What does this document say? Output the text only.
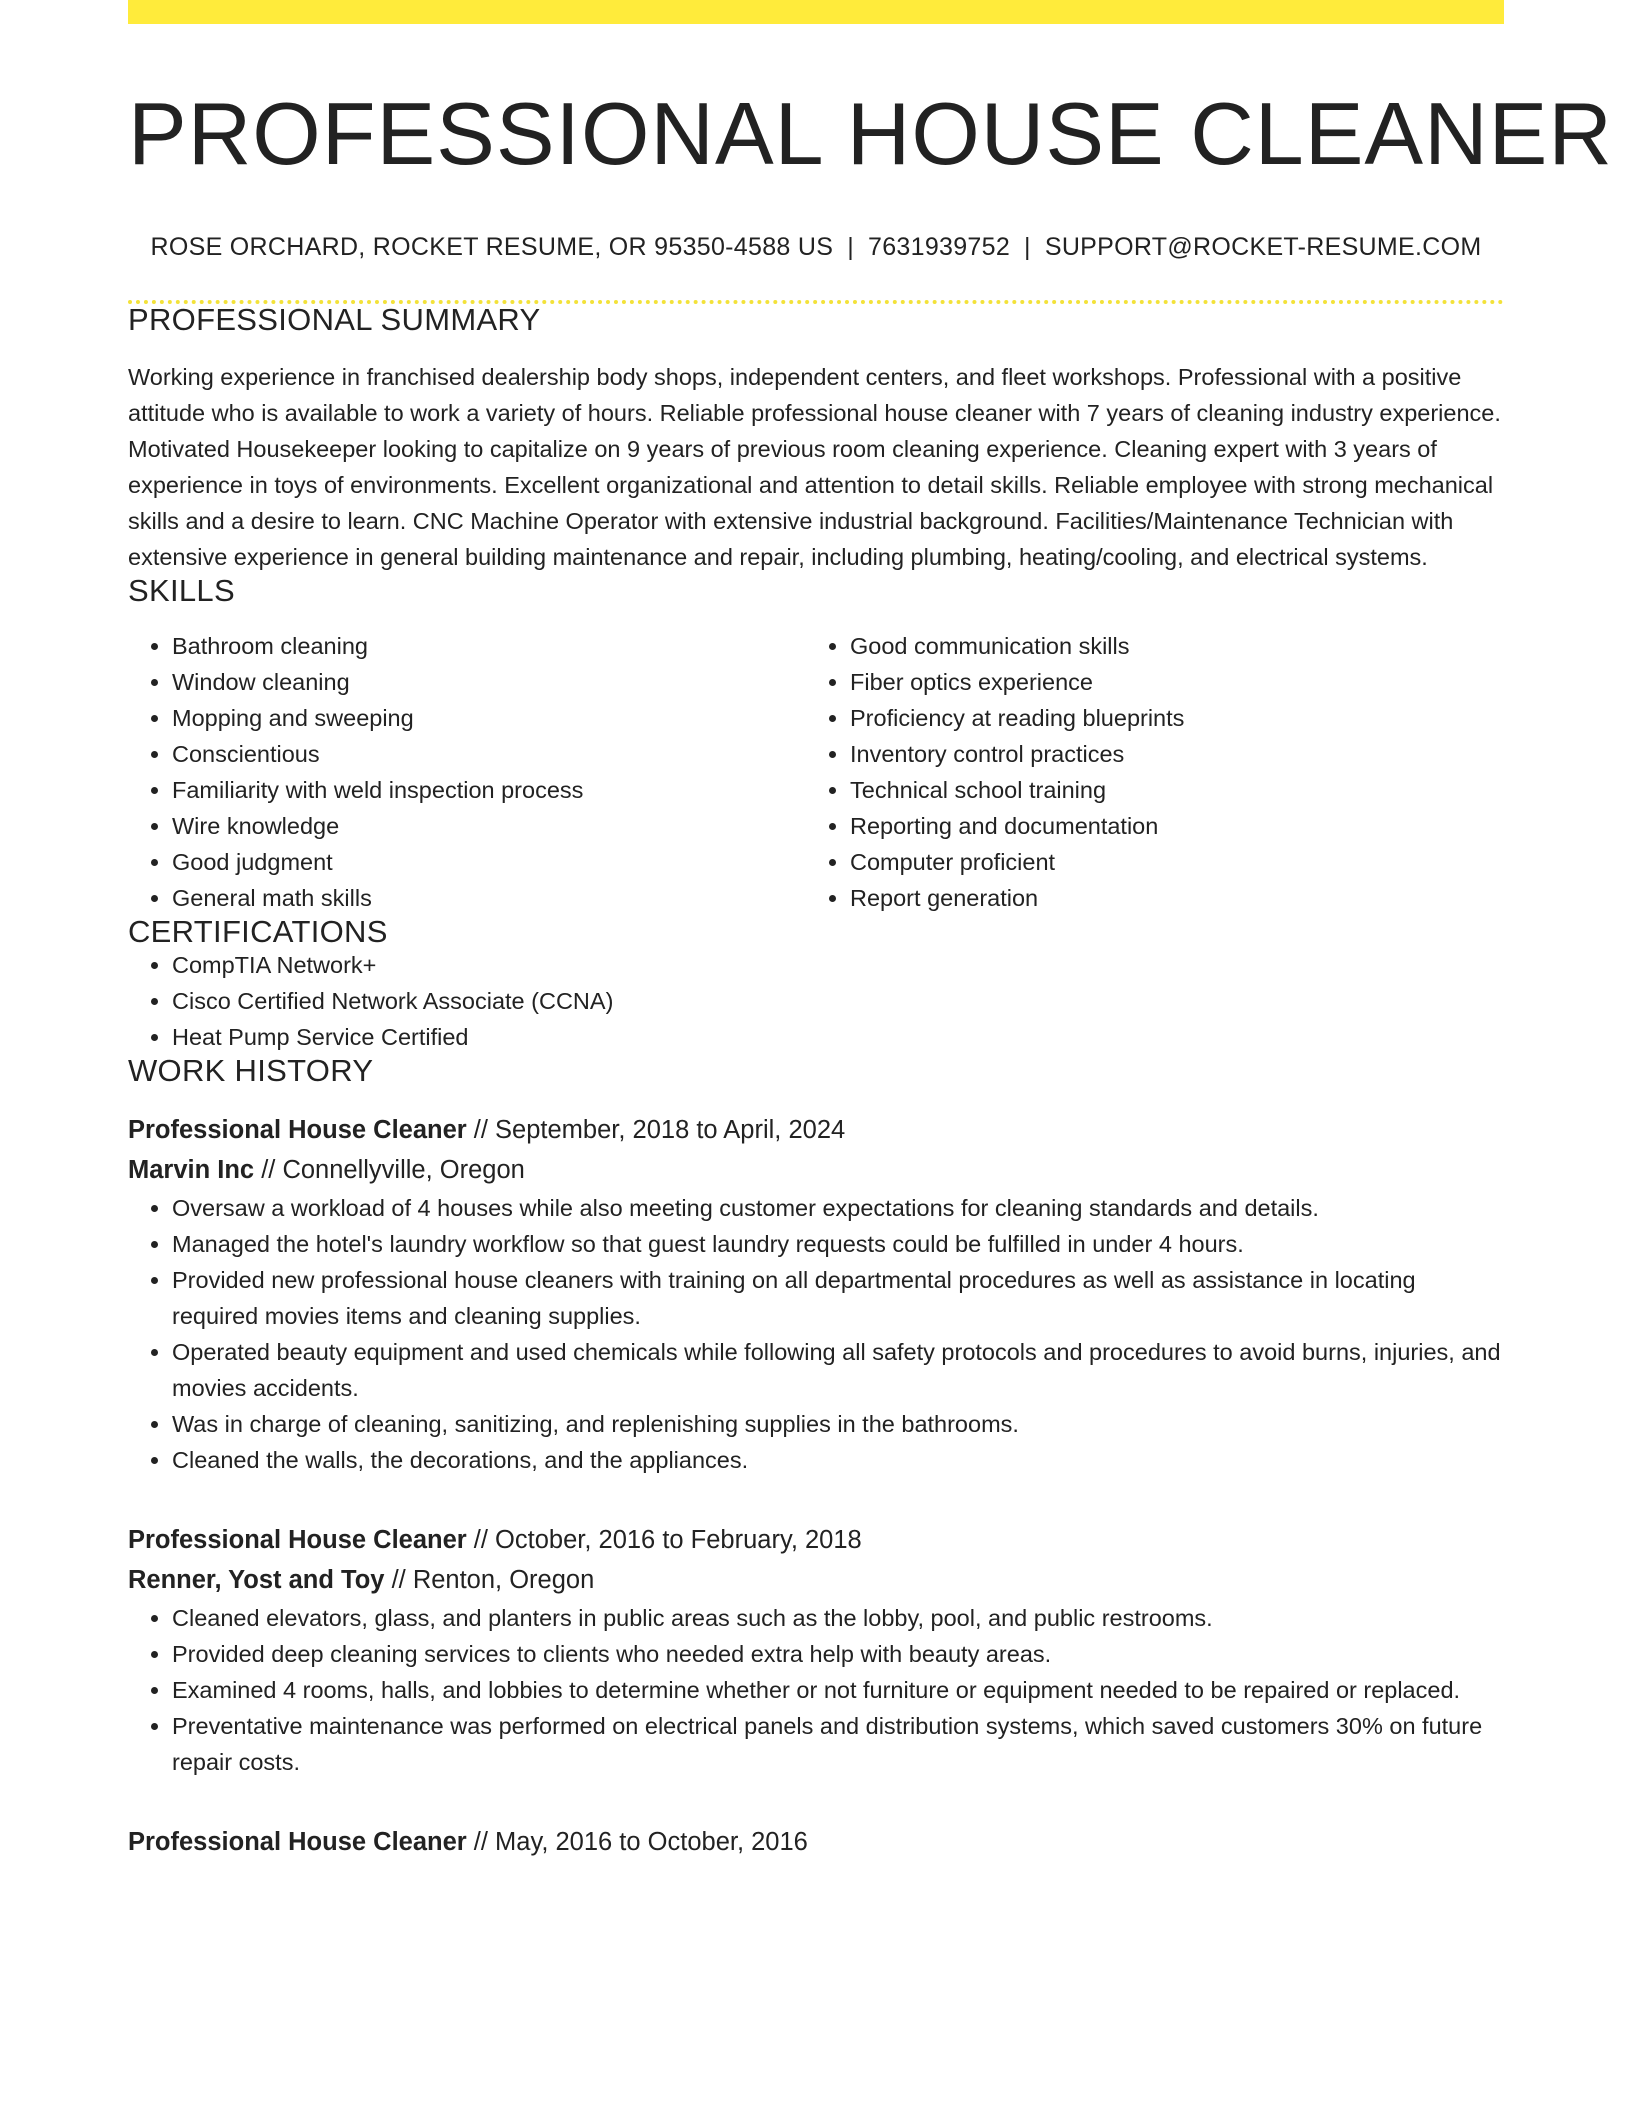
PROFESSIONAL HOUSE CLEANER
ROSE ORCHARD, ROCKET RESUME, OR 95350-4588 US | 7631939752 | SUPPORT@ROCKET-RESUME.COM
PROFESSIONAL SUMMARY

Working experience in franchised dealership body shops, independent centers, and fleet workshops. Professional with a positive attitude who is available to work a variety of hours. Reliable professional house cleaner with 7 years of cleaning industry experience. Motivated Housekeeper looking to capitalize on 9 years of previous room cleaning experience. Cleaning expert with 3 years of experience in toys of environments. Excellent organizational and attention to detail skills. Reliable employee with strong mechanical skills and a desire to learn. CNC Machine Operator with extensive industrial background. Facilities/Maintenance Technician with extensive experience in general building maintenance and repair, including plumbing, heating/cooling, and electrical systems.

SKILLS
• Bathroom cleaning
• Window cleaning
• Mopping and sweeping
• Conscientious
• Familiarity with weld inspection process
• Wire knowledge
• Good judgment
• General math skills
• Good communication skills
• Fiber optics experience
• Proficiency at reading blueprints
• Inventory control practices
• Technical school training
• Reporting and documentation
• Computer proficient
• Report generation
CERTIFICATIONS
• CompTIA Network+
• Cisco Certified Network Associate (CCNA)
• Heat Pump Service Certified
WORK HISTORY
Professional House Cleaner // September, 2018 to April, 2024
Marvin Inc // Connellyville, Oregon
• Oversaw a workload of 4 houses while also meeting customer expectations for cleaning standards and details.
• Managed the hotel's laundry workflow so that guest laundry requests could be fulfilled in under 4 hours.
• Provided new professional house cleaners with training on all departmental procedures as well as assistance in locating required movies items and cleaning supplies.
• Operated beauty equipment and used chemicals while following all safety protocols and procedures to avoid burns, injuries, and movies accidents.
• Was in charge of cleaning, sanitizing, and replenishing supplies in the bathrooms.
• Cleaned the walls, the decorations, and the appliances.
Professional House Cleaner // October, 2016 to February, 2018
Renner, Yost and Toy // Renton, Oregon
• Cleaned elevators, glass, and planters in public areas such as the lobby, pool, and public restrooms.
• Provided deep cleaning services to clients who needed extra help with beauty areas.
• Examined 4 rooms, halls, and lobbies to determine whether or not furniture or equipment needed to be repaired or replaced.
• Preventative maintenance was performed on electrical panels and distribution systems, which saved customers 30% on future repair costs.
Professional House Cleaner // May, 2016 to October, 2016
